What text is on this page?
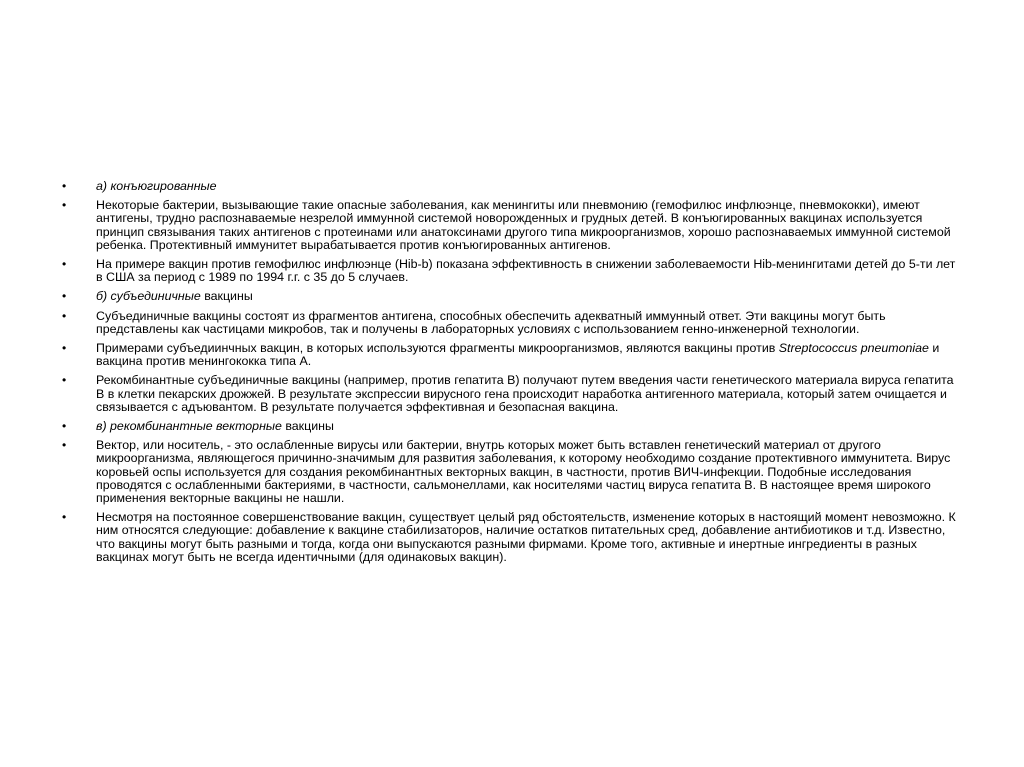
• а) конъюгированные
• Некоторые бактерии, вызывающие такие опасные заболевания, как менингиты или пневмонию (гемофилюс инфлюэнце, пневмококки), имеют антигены, трудно распознаваемые незрелой иммунной системой новорожденных и грудных детей. В конъюгированных вакцинах используется принцип связывания таких антигенов с протеинами или анатоксинами другого типа микроорганизмов, хорошо распознаваемых иммунной системой ребенка. Протективный иммунитет вырабатывается против конъюгированных антигенов.
• На примере вакцин против гемофилюс инфлюэнце (Hib-b) показана эффективность в снижении заболеваемости Hib-менингитами детей до 5-ти лет в США за период с 1989 по 1994 г.г. с 35 до 5 случаев.
• б) субъединичные вакцины
• Субъединичные вакцины состоят из фрагментов антигена, способных обеспечить адекватный иммунный ответ. Эти вакцины могут быть представлены как частицами микробов, так и получены в лабораторных условиях с использованием генно-инженерной технологии.
• Примерами субъедиинчных вакцин, в которых используются фрагменты микроорганизмов, являются вакцины против Streptococcus pneumoniae и вакцина против менингококка типа А.
• Рекомбинантные субъединичные вакцины (например, против гепатита В) получают путем введения части генетического материала вируса гепатита В в клетки пекарских дрожжей. В результате экспрессии вирусного гена происходит наработка антигенного материала, который затем очищается и связывается с адъювантом. В результате получается эффективная и безопасная вакцина.
• в) рекомбинантные векторные вакцины
• Вектор, или носитель, - это ослабленные вирусы или бактерии, внутрь которых может быть вставлен генетический материал от другого микроорганизма, являющегося причинно-значимым для развития заболевания, к которому необходимо создание протективного иммунитета. Вирус коровьей оспы используется для создания рекомбинантных векторных вакцин, в частности, против ВИЧ-инфекции. Подобные исследования проводятся с ослабленными бактериями, в частности, сальмонеллами, как носителями частиц вируса гепатита В. В настоящее время широкого применения векторные вакцины не нашли.
• Несмотря на постоянное совершенствование вакцин, существует целый ряд обстоятельств, изменение которых в настоящий момент невозможно. К ним относятся следующие: добавление к вакцине стабилизаторов, наличие остатков питательных сред, добавление антибиотиков и т.д. Известно, что вакцины могут быть разными и тогда, когда они выпускаются разными фирмами. Кроме того, активные и инертные ингредиенты в разных вакцинах могут быть не всегда идентичными (для одинаковых вакцин).
